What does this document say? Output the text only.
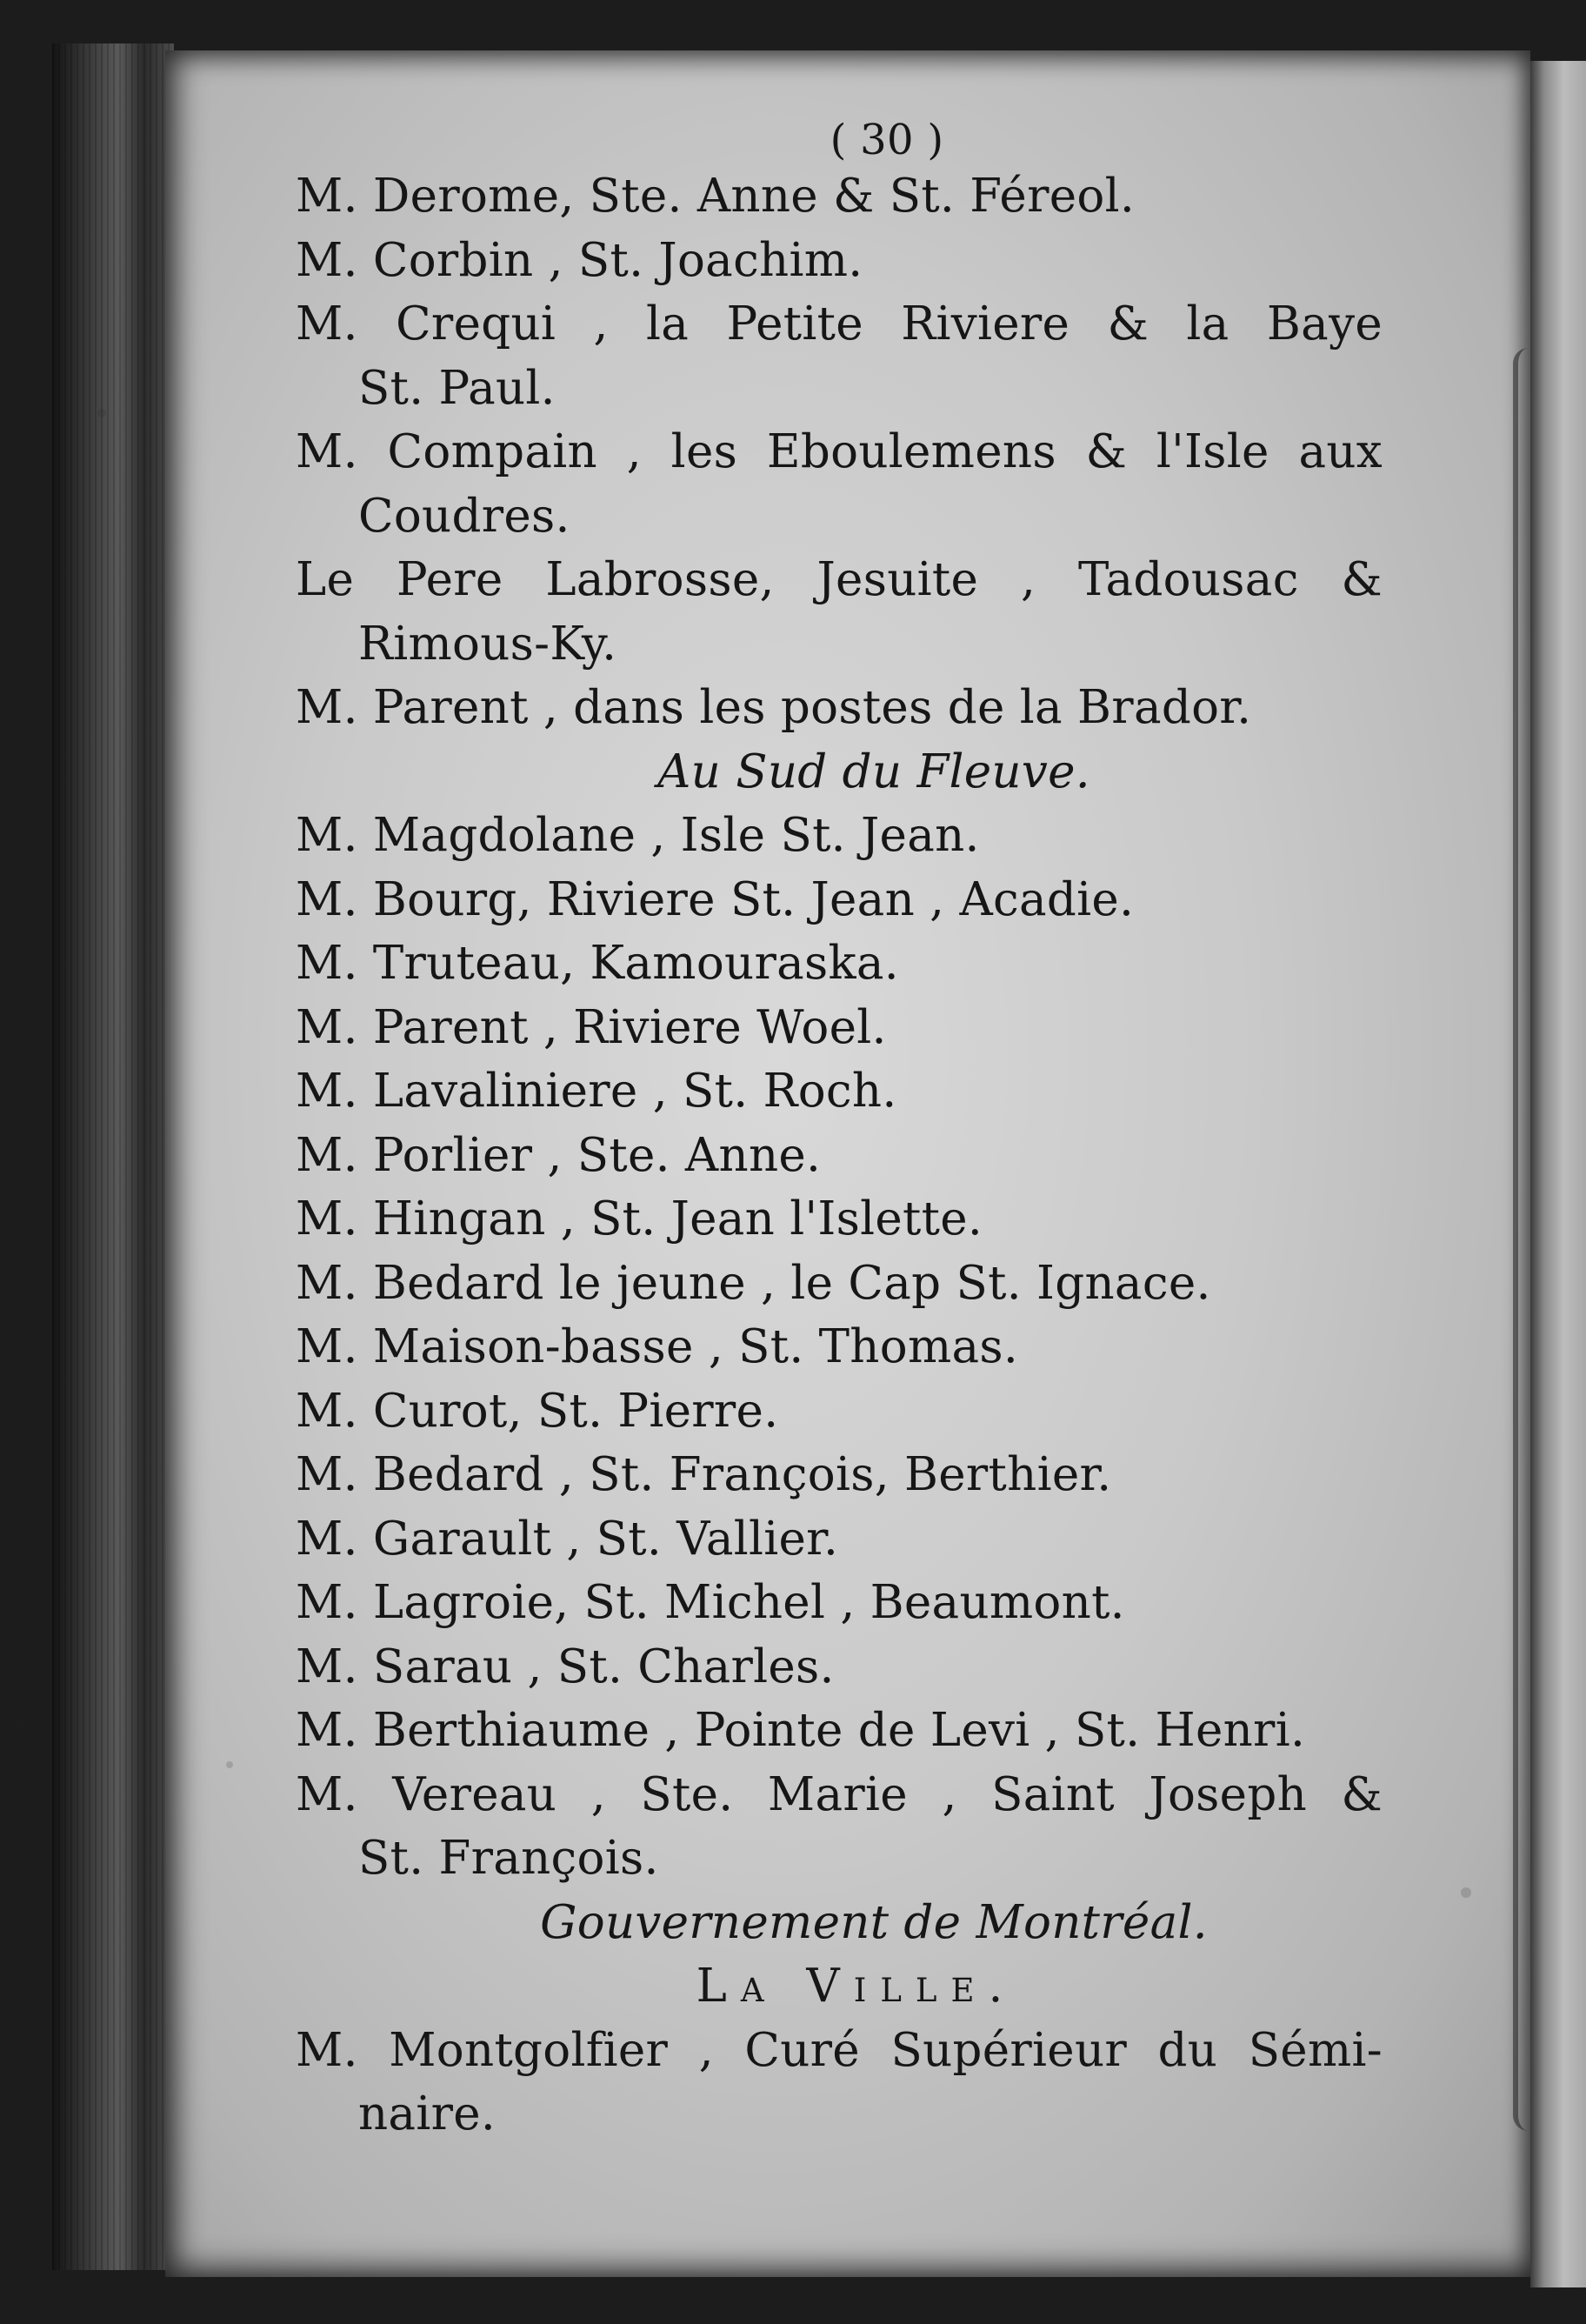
( 30 )
M. Derome, Ste. Anne & St. Féreol.
M. Corbin , St. Joachim.
M. Crequi , la Petite Riviere & la Baye
St. Paul.
M. Compain , les Eboulemens & l'Isle aux
Coudres.
Le Pere Labrosse, Jesuite , Tadousac &
Rimous-Ky.
M. Parent , dans les postes de la Brador.
Au Sud du Fleuve.
M. Magdolane , Isle St. Jean.
M. Bourg, Riviere St. Jean , Acadie.
M. Truteau, Kamouraska.
M. Parent , Riviere Woel.
M. Lavaliniere , St. Roch.
M. Porlier , Ste. Anne.
M. Hingan , St. Jean l'Islette.
M. Bedard le jeune , le Cap St. Ignace.
M. Maison-basse , St. Thomas.
M. Curot, St. Pierre.
M. Bedard , St. François, Berthier.
M. Garault , St. Vallier.
M. Lagroie, St. Michel , Beaumont.
M. Sarau , St. Charles.
M. Berthiaume , Pointe de Levi , St. Henri.
M. Vereau , Ste. Marie , Saint Joseph &
St. François.
Gouvernement de Montréal.
La Ville.
M. Montgolfier , Curé Supérieur du Sémi-
naire.
